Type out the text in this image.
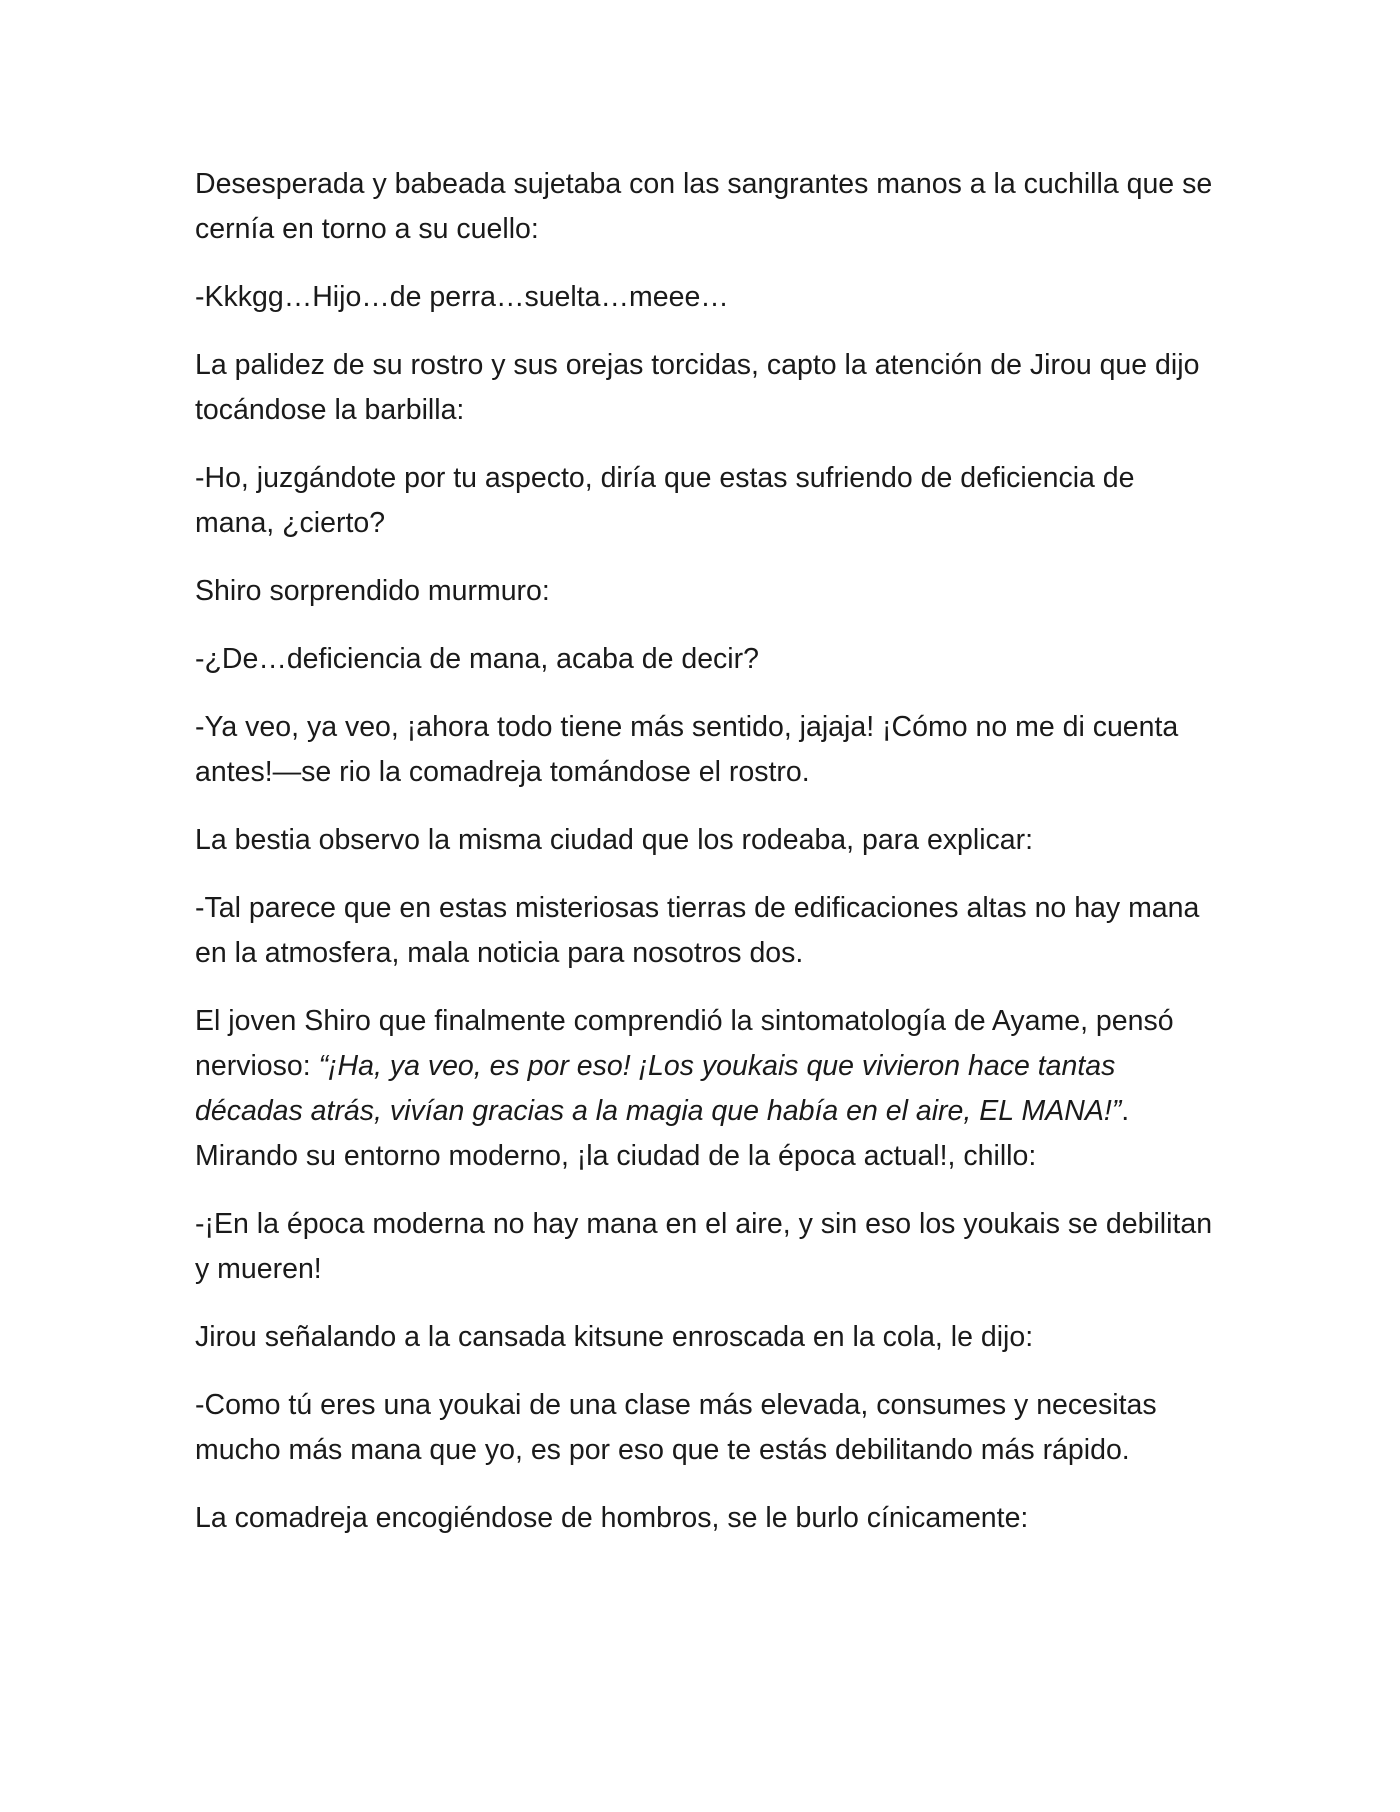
Desesperada y babeada sujetaba con las sangrantes manos a la cuchilla que se cernía en torno a su cuello:

-Kkkgg…Hijo…de perra…suelta…meee…

La palidez de su rostro y sus orejas torcidas, capto la atención de Jirou que dijo tocándose la barbilla:

-Ho, juzgándote por tu aspecto, diría que estas sufriendo de deficiencia de mana, ¿cierto?

Shiro sorprendido murmuro:

-¿De…deficiencia de mana, acaba de decir?

-Ya veo, ya veo, ¡ahora todo tiene más sentido, jajaja! ¡Cómo no me di cuenta antes!—se rio la comadreja tomándose el rostro.

La bestia observo la misma ciudad que los rodeaba, para explicar:

-Tal parece que en estas misteriosas tierras de edificaciones altas no hay mana en la atmosfera, mala noticia para nosotros dos.

El joven Shiro que finalmente comprendió la sintomatología de Ayame, pensó nervioso: “¡Ha, ya veo, es por eso! ¡Los youkais que vivieron hace tantas décadas atrás, vivían gracias a la magia que había en el aire, EL MANA!”. Mirando su entorno moderno, ¡la ciudad de la época actual!, chillo:

-¡En la época moderna no hay mana en el aire, y sin eso los youkais se debilitan y mueren!

Jirou señalando a la cansada kitsune enroscada en la cola, le dijo:

-Como tú eres una youkai de una clase más elevada, consumes y necesitas mucho más mana que yo, es por eso que te estás debilitando más rápido.

La comadreja encogiéndose de hombros, se le burlo cínicamente:
